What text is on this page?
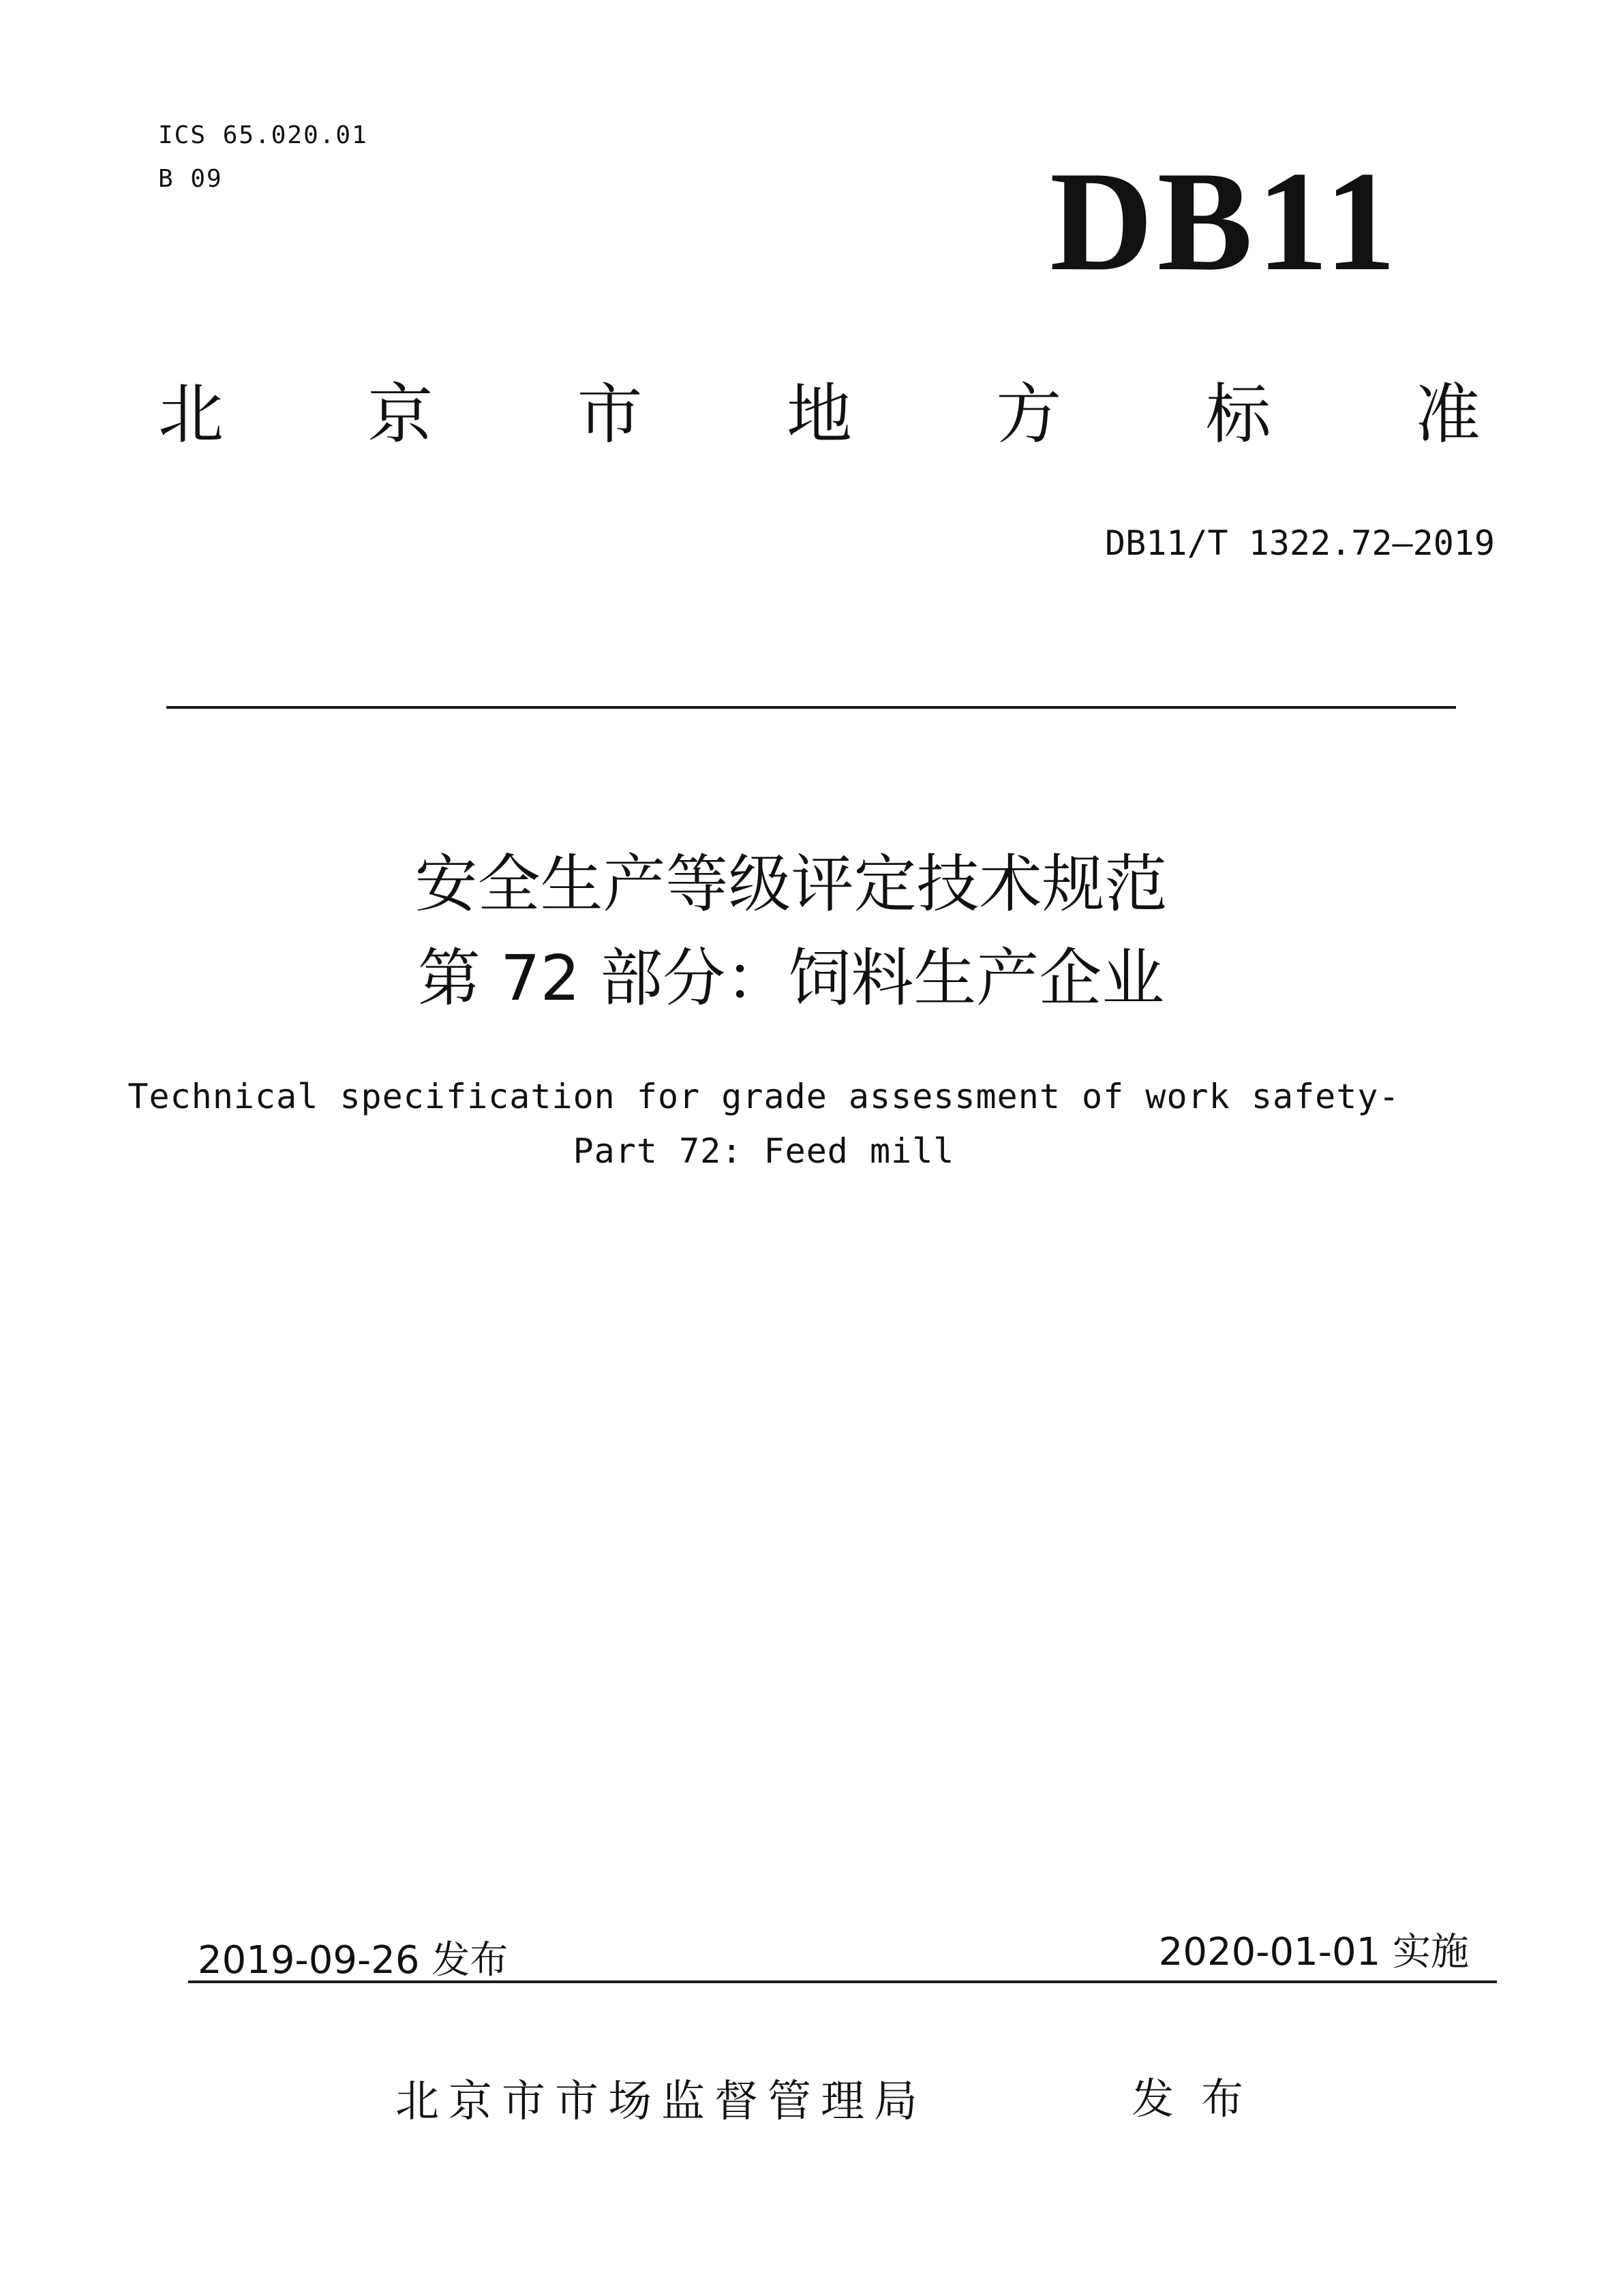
ICS 65.020.01
B 09	DB11
北 京 市 地 方 标 准
DB11/T 1322.72—2019
安全生产等级评定技术规范
第 72 部分：饲料生产企业
Technical specification for grade assessment of work safety-
Part 72: Feed mill
2019-09-26 发布	2020-01-01 实施
北京市市场监督管理局	发布
